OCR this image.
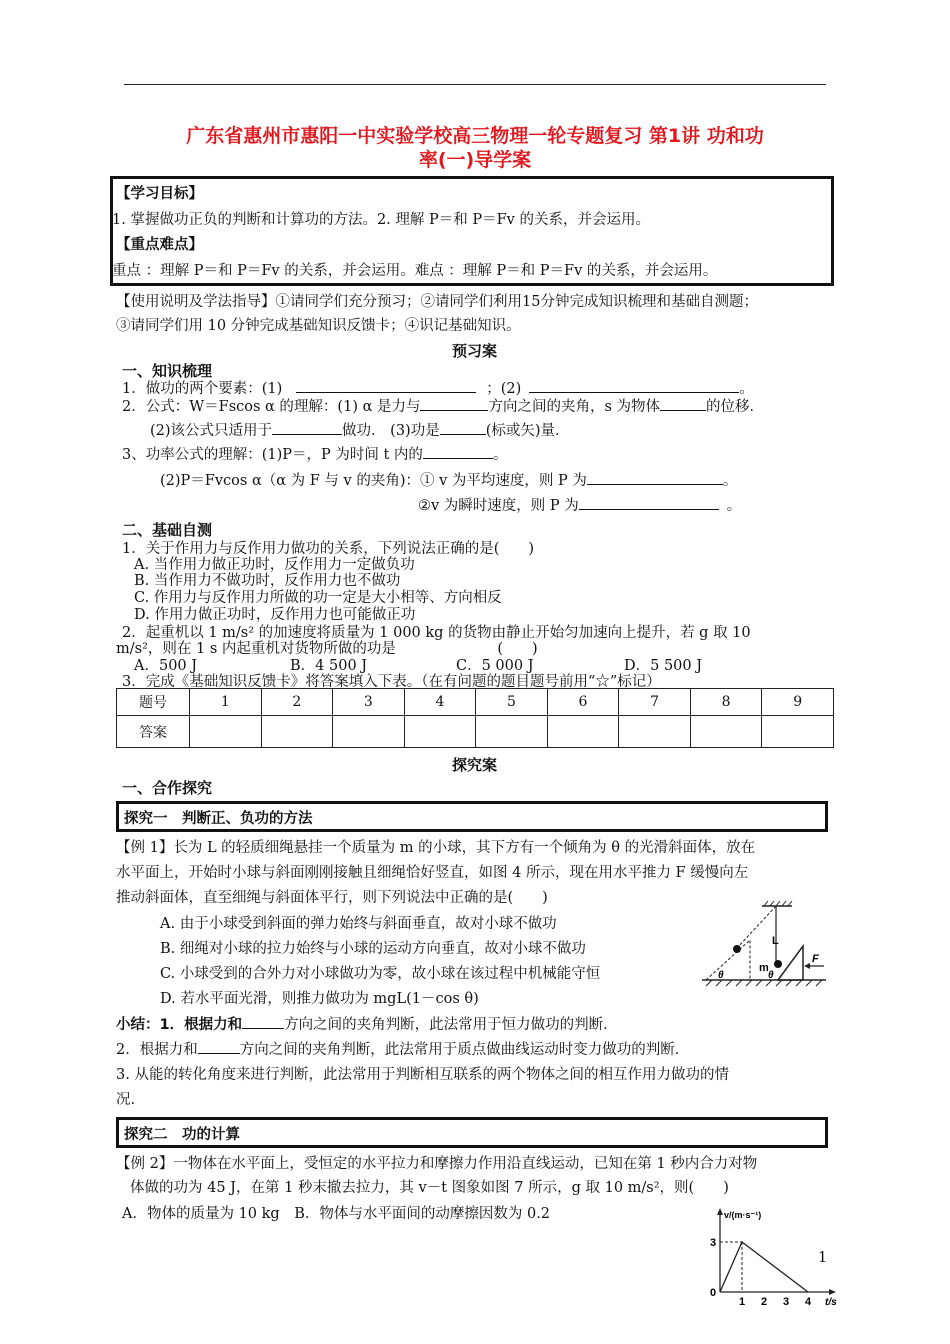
广东省惠州市惠阳一中实验学校高三物理一轮专题复习 第1讲 功和功
率(一)导学案
【学习目标】
1. 掌握做功正负的判断和计算功的方法。2. 理解 P＝和 P＝Fv 的关系，并会运用。
【重点难点】
重点 ：理解 P＝和 P＝Fv 的关系，并会运用。难点 ：理解 P＝和 P＝Fv 的关系，并会运用。
【使用说明及学法指导】①请同学们充分预习；②请同学们利用15分钟完成知识梳理和基础自测题；
③请同学们用 10 分钟完成基础知识反馈卡；④识记基础知识。
预习案
一、知识梳理
1．做功的两个要素：(1)	；(2)	。
2．公式：W＝Fscos α 的理解：(1) α 是力与	方向之间的夹角，s 为物体	的位移．
(2)该公式只适用于	做功． (3)功是	(标或矢)量．
3、功率公式的理解：(1)P＝，P 为时间 t 内的	。
(2)P＝Fvcos α（α 为 F 与 v 的夹角)：① v 为平均速度，则 P 为	。
②v 为瞬时速度，则 P 为	。
二、基础自测
1．关于作用力与反作用力做功的关系，下列说法正确的是(　　)
A. 当作用力做正功时，反作用力一定做负功
B. 当作用力不做功时，反作用力也不做功
C. 作用力与反作用力所做的功一定是大小相等、方向相反
D. 作用力做正功时，反作用力也可能做正功
2．起重机以 1 m/s² 的加速度将质量为 1 000 kg 的货物由静止开始匀加速向上提升，若 g 取 10
m/s²，则在 1 s 内起重机对货物所做的功是　　　　　　　(　　)
A．500 J	B．4 500 J	C．5 000 J	D．5 500 J
3．完成《基础知识反馈卡》将答案填入下表。（在有问题的题目题号前用“☆”标记）
题号	1	2	3	4	5	6	7	8	9
答案									
探究案
一、合作探究
探究一　判断正、负功的方法
【例 1】长为 L 的轻质细绳悬挂一个质量为 m 的小球，其下方有一个倾角为 θ 的光滑斜面体，放在
水平面上，开始时小球与斜面刚刚接触且细绳恰好竖直，如图 4 所示，现在用水平推力 F 缓慢向左
推动斜面体，直至细绳与斜面体平行，则下列说法中正确的是(　　)
A. 由于小球受到斜面的弹力始终与斜面垂直，故对小球不做功
B. 细绳对小球的拉力始终与小球的运动方向垂直，故对小球不做功
C. 小球受到的合外力对小球做功为零，故小球在该过程中机械能守恒
D. 若水平面光滑，则推力做功为 mgL(1－cos θ)
L
m
F
θ	θ
小结：1．根据力和	方向之间的夹角判断，此法常用于恒力做功的判断．
2．根据力和	方向之间的夹角判断，此法常用于质点做曲线运动时变力做功的判断．
3. 从能的转化角度来进行判断，此法常用于判断相互联系的两个物体之间的相互作用力做功的情
况.
探究二　功的计算
【例 2】一物体在水平面上，受恒定的水平拉力和摩擦力作用沿直线运动，已知在第 1 秒内合力对物
体做的功为 45 J，在第 1 秒末撤去拉力，其 v－t 图象如图 7 所示，g 取 10 m/s²，则(　　)
A．物体的质量为 10 kg　B．物体与水平面间的动摩擦因数为 0.2	v/(m·s⁻¹)
3
0
1 2 3 4 t/s
1
